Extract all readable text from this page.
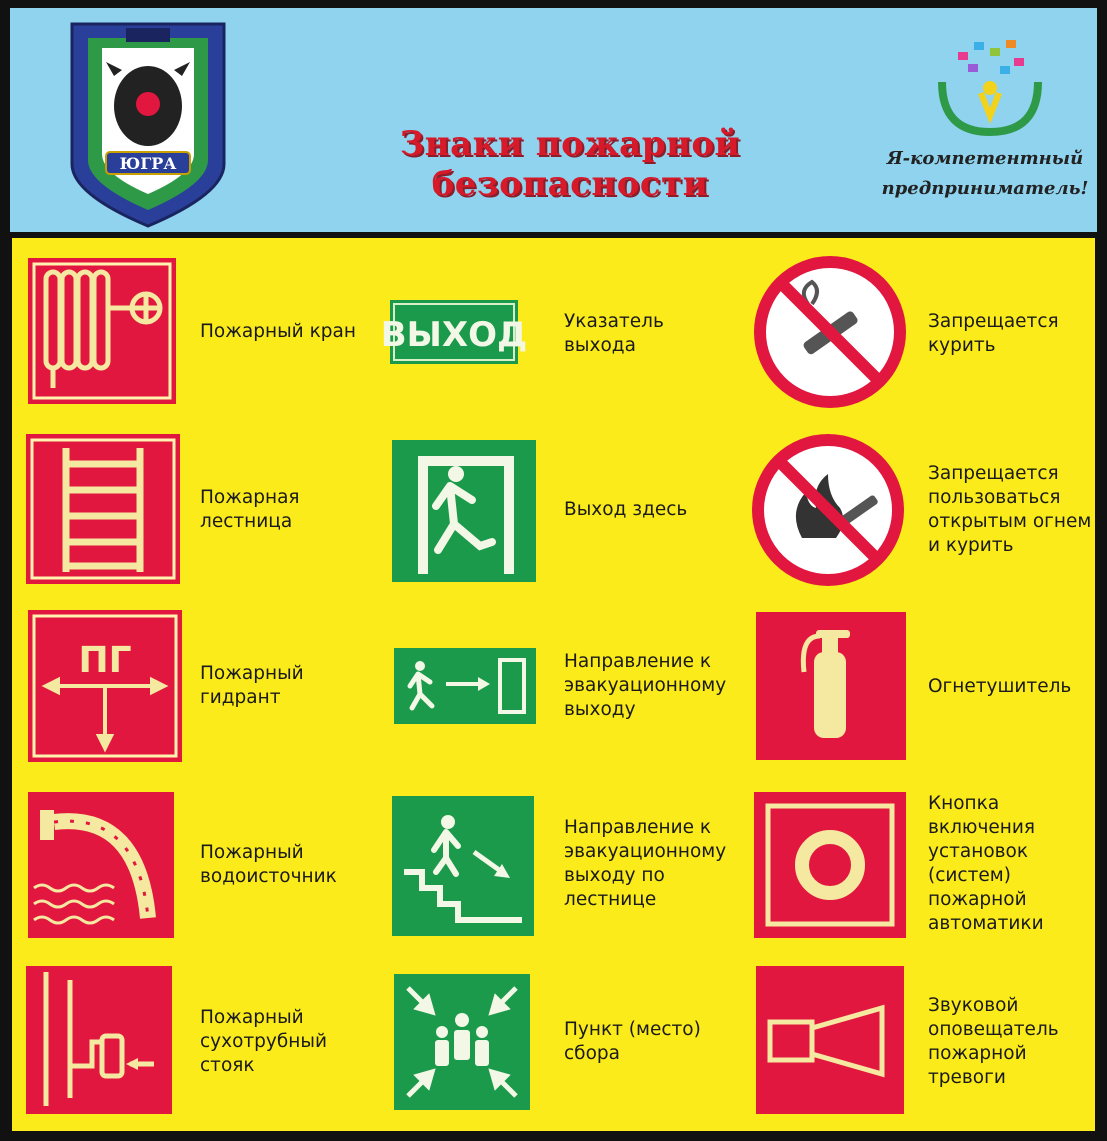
ЮГРА	Знаки пожарной безопасности
Я-компетентный
предприниматель!
Пожарный кран
Пожарная
лестница
ПГ	Пожарный
гидрант
Пожарный
водоисточник
Пожарный
сухотрубный
стояк
ВЫХОД Указатель
выхода
Выход здесь
Направление к
эвакуационному
выходу
Направление к
эвакуационному
выходу по
лестнице
Пункт (место)
сбора
Запрещается
курить
Запрещается
пользоваться
открытым огнем
и курить
Огнетушитель
Кнопка
включения
установок
(систем)
пожарной
автоматики
Звуковой
оповещатель
пожарной
тревоги
